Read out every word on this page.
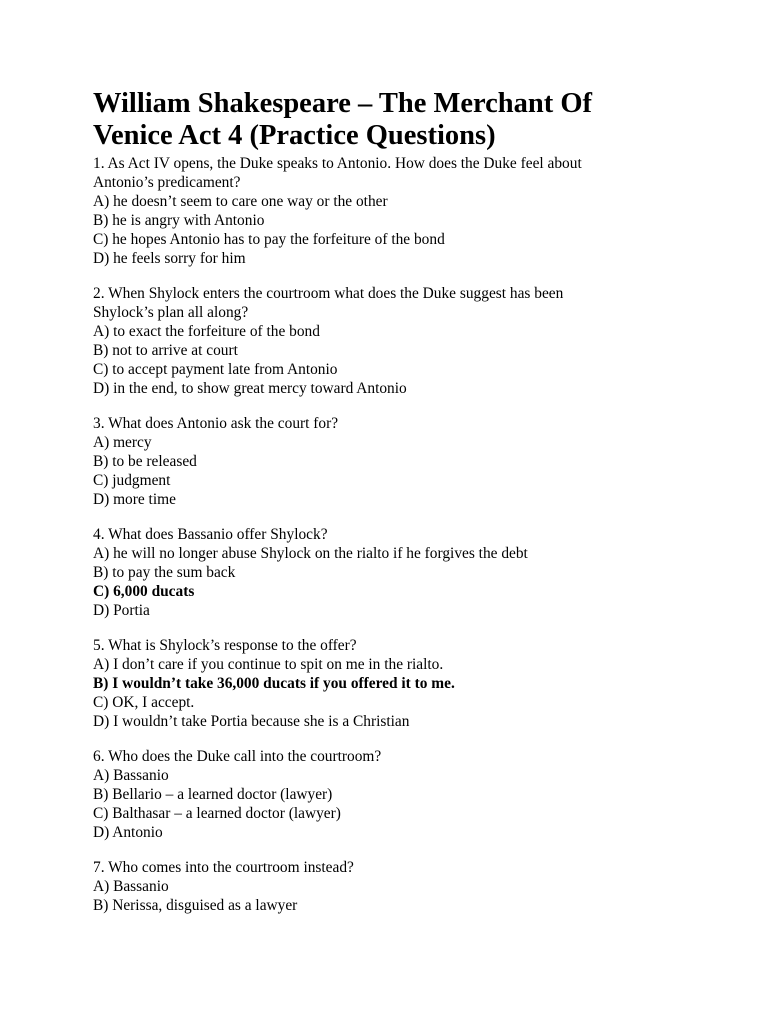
William Shakespeare – The Merchant Of
Venice Act 4 (Practice Questions)
1. As Act IV opens, the Duke speaks to Antonio. How does the Duke feel about
Antonio’s predicament?
A) he doesn’t seem to care one way or the other
B) he is angry with Antonio
C) he hopes Antonio has to pay the forfeiture of the bond
D) he feels sorry for him
2. When Shylock enters the courtroom what does the Duke suggest has been
Shylock’s plan all along?
A) to exact the forfeiture of the bond
B) not to arrive at court
C) to accept payment late from Antonio
D) in the end, to show great mercy toward Antonio
3. What does Antonio ask the court for?
A) mercy
B) to be released
C) judgment
D) more time
4. What does Bassanio offer Shylock?
A) he will no longer abuse Shylock on the rialto if he forgives the debt
B) to pay the sum back
C) 6,000 ducats
D) Portia
5. What is Shylock’s response to the offer?
A) I don’t care if you continue to spit on me in the rialto.
B) I wouldn’t take 36,000 ducats if you offered it to me.
C) OK, I accept.
D) I wouldn’t take Portia because she is a Christian
6. Who does the Duke call into the courtroom?
A) Bassanio
B) Bellario – a learned doctor (lawyer)
C) Balthasar – a learned doctor (lawyer)
D) Antonio
7. Who comes into the courtroom instead?
A) Bassanio
B) Nerissa, disguised as a lawyer
